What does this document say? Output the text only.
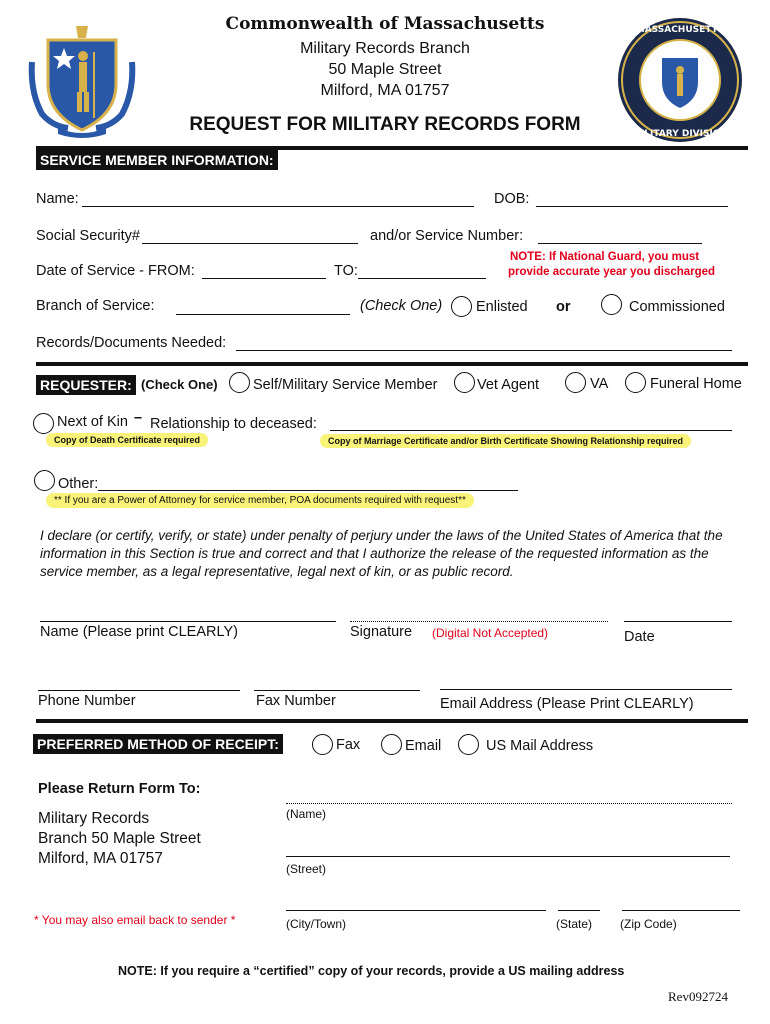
Commonwealth of Massachusetts
Military Records Branch
50 Maple Street
Milford, MA 01757
MASSACHUSETTS
MILITARY DIVISION
REQUEST FOR MILITARY RECORDS FORM
SERVICE MEMBER INFORMATION:
Name:	DOB:
Social Security#	and/or Service Number:
NOTE: If National Guard, you must
provide accurate year you discharged
Date of Service - FROM:	TO:
Branch of Service:	(Check One) Enlisted or	Commissioned
Records/Documents Needed:
REQUESTER: (Check One) Self/Military Service Member	Vet Agent	VA	Funeral Home
Next of Kin – Relationship to deceased:
Copy of Death Certificate required	Copy of Marriage Certificate and/or Birth Certificate Showing Relationship required
Other:
** If you are a Power of Attorney for service member, POA documents required with request**
I declare (or certify, verify, or state) under penalty of perjury under the laws of the United States of America that the information in this Section is true and correct and that I authorize the release of the requested information as the service member, as a legal representative, legal next of kin, or as public record.
Name (Please print CLEARLY)	Signature (Digital Not Accepted)	Date
Phone Number	Fax Number	Email Address (Please Print CLEARLY)
PREFERRED METHOD OF RECEIPT:	Fax	Email	US Mail Address
Please Return Form To:
Military Records
Branch 50 Maple Street
Milford, MA 01757
* You may also email back to sender *
(Name)
(Street)
(City/Town)	(State) (Zip Code)
NOTE: If you require a “certified” copy of your records, provide a US mailing address
Rev092724
